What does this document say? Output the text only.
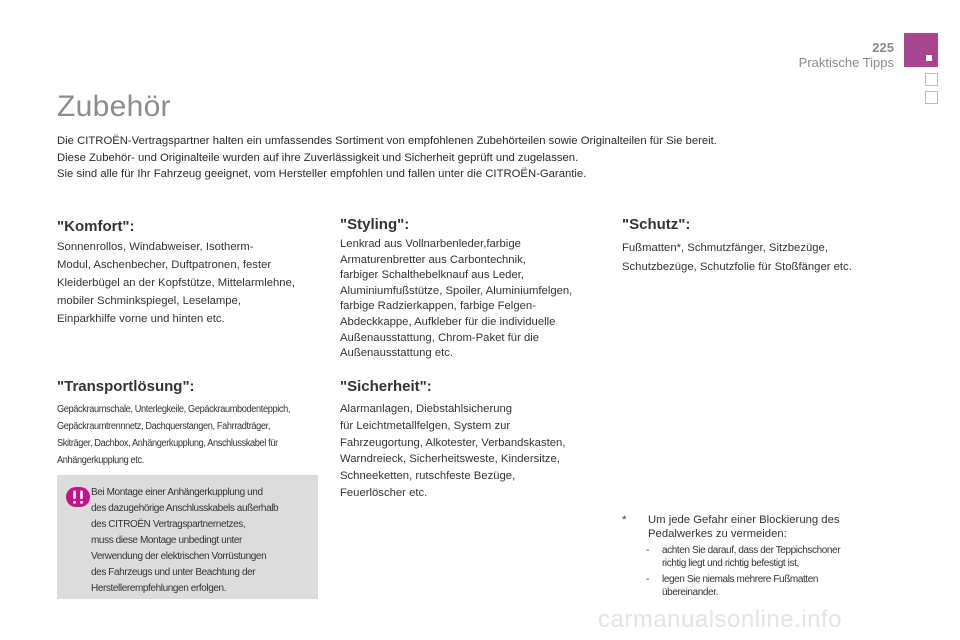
225
Praktische Tipps
Zubehör
Die CITROËN-Vertragspartner halten ein umfassendes Sortiment von empfohlenen Zubehörteilen sowie Originalteilen für Sie bereit.
Diese Zubehör- und Originalteile wurden auf ihre Zuverlässigkeit und Sicherheit geprüft und zugelassen.
Sie sind alle für Ihr Fahrzeug geeignet, vom Hersteller empfohlen und fallen unter die CITROËN-Garantie.
"Komfort":
Sonnenrollos, Windabweiser, Isotherm-
Modul, Aschenbecher, Duftpatronen, fester
Kleiderbügel an der Kopfstütze, Mittelarmlehne,
mobiler Schminkspiegel, Leselampe,
Einparkhilfe vorne und hinten etc.
"Transportlösung":
Gepäckraumschale, Unterlegkeile, Gepäckraumbodenteppich,
Gepäckraumtrennnetz, Dachquerstangen, Fahrradträger,
Skiträger, Dachbox, Anhängerkupplung, Anschlusskabel für
Anhängerkupplung etc.
Bei Montage einer Anhängerkupplung und
des dazugehörige Anschlusskabels außerhalb
des CITROËN Vertragspartnernetzes,
muss diese Montage unbedingt unter
Verwendung der elektrischen Vorrüstungen
des Fahrzeugs und unter Beachtung der
Herstellerempfehlungen erfolgen.
"Styling":
Lenkrad aus Vollnarbenleder,farbige
Armaturenbretter aus Carbontechnik,
farbiger Schalthebelknauf aus Leder,
Aluminiumfußstütze, Spoiler, Aluminiumfelgen,
farbige Radzierkappen, farbige Felgen-
Abdeckkappe, Aufkleber für die individuelle
Außenausstattung, Chrom-Paket für die
Außenausstattung etc.
"Sicherheit":
Alarmanlagen, Diebstahlsicherung
für Leichtmetallfelgen, System zur
Fahrzeugortung, Alkotester, Verbandskasten,
Warndreieck, Sicherheitsweste, Kindersitze,
Schneeketten, rutschfeste Bezüge,
Feuerlöscher etc.
"Schutz":
Fußmatten*, Schmutzfänger, Sitzbezüge,
Schutzbezüge, Schutzfolie für Stoßfänger etc.
* Um jede Gefahr einer Blockierung des
Pedalwerkes zu vermeiden:
- achten Sie darauf, dass der Teppichschoner
richtig liegt und richtig befestigt ist,
- legen Sie niemals mehrere Fußmatten
übereinander.
carmanualsonline.info
